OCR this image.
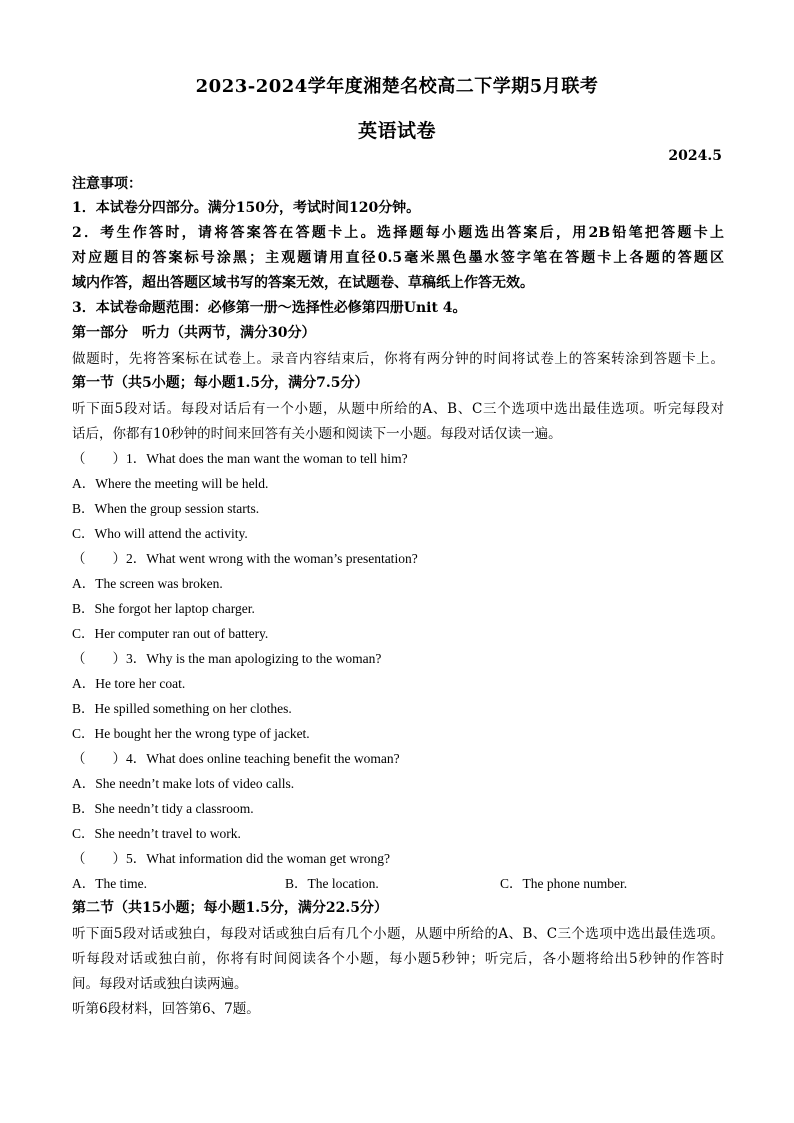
2023-2024学年度湘楚名校高二下学期5月联考
英语试卷
2024.5
注意事项：
1．本试卷分四部分。满分150分，考试时间120分钟。
2．考生作答时，请将答案答在答题卡上。选择题每小题选出答案后，用2B铅笔把答题卡上
对应题目的答案标号涂黑；主观题请用直径0.5毫米黑色墨水签字笔在答题卡上各题的答题区
域内作答，超出答题区域书写的答案无效，在试题卷、草稿纸上作答无效。
3．本试卷命题范围：必修第一册～选择性必修第四册Unit 4。
第一部分　听力（共两节，满分30分）
做题时，先将答案标在试卷上。录音内容结束后，你将有两分钟的时间将试卷上的答案转涂到答题卡上。
第一节（共5小题；每小题1.5分，满分7.5分）
听下面5段对话。每段对话后有一个小题，从题中所给的A、B、C三个选项中选出最佳选项。听完每段对
话后，你都有10秒钟的时间来回答有关小题和阅读下一小题。每段对话仅读一遍。
（　　）1．What does the man want the woman to tell him?
A．Where the meeting will be held.
B．When the group session starts.
C．Who will attend the activity.
（　　）2．What went wrong with the woman’s presentation?
A．The screen was broken.
B．She forgot her laptop charger.
C．Her computer ran out of battery.
（　　）3．Why is the man apologizing to the woman?
A．He tore her coat.
B．He spilled something on her clothes.
C．He bought her the wrong type of jacket.
（　　）4．What does online teaching benefit the woman?
A．She needn’t make lots of video calls.
B．She needn’t tidy a classroom.
C．She needn’t travel to work.
（　　）5．What information did the woman get wrong?
A．The time.	B．The location.	C．The phone number.
第二节（共15小题；每小题1.5分，满分22.5分）
听下面5段对话或独白，每段对话或独白后有几个小题，从题中所给的A、B、C三个选项中选出最佳选项。
听每段对话或独白前，你将有时间阅读各个小题，每小题5秒钟；听完后，各小题将给出5秒钟的作答时
间。每段对话或独白读两遍。
听第6段材料，回答第6、7题。
